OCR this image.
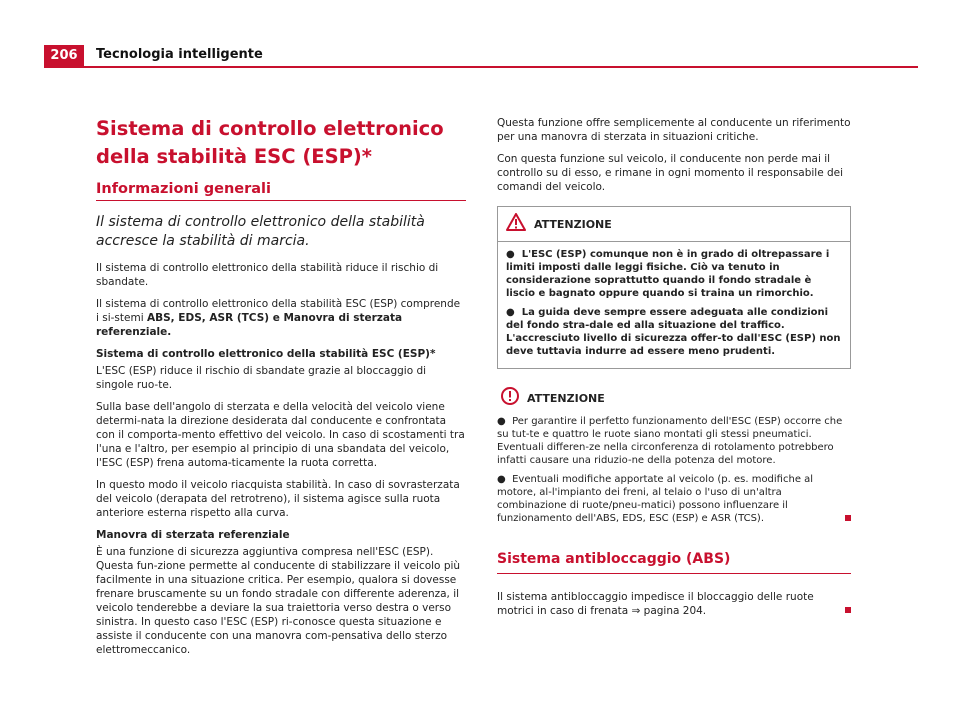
206	Tecnologia intelligente
Sistema di controllo elettronico della stabilità ESC (ESP)*
Informazioni generali
Il sistema di controllo elettronico della stabilità accresce la stabilità di marcia.

Il sistema di controllo elettronico della stabilità riduce il rischio di sbandate.

Il sistema di controllo elettronico della stabilità ESC (ESP) comprende i si-stemi ABS, EDS, ASR (TCS) e Manovra di sterzata referenziale.

Sistema di controllo elettronico della stabilità ESC (ESP)*

L'ESC (ESP) riduce il rischio di sbandate grazie al bloccaggio di singole ruo-te.

Sulla base dell'angolo di sterzata e della velocità del veicolo viene determi-nata la direzione desiderata dal conducente e confrontata con il comporta-mento effettivo del veicolo. In caso di scostamenti tra l'una e l'altro, per esempio al principio di una sbandata del veicolo, l'ESC (ESP) frena automa-ticamente la ruota corretta.

In questo modo il veicolo riacquista stabilità. In caso di sovrasterzata del veicolo (derapata del retrotreno), il sistema agisce sulla ruota anteriore esterna rispetto alla curva.

Manovra di sterzata referenziale

È una funzione di sicurezza aggiuntiva compresa nell'ESC (ESP). Questa fun-zione permette al conducente di stabilizzare il veicolo più facilmente in una situazione critica. Per esempio, qualora si dovesse frenare bruscamente su un fondo stradale con differente aderenza, il veicolo tenderebbe a deviare la sua traiettoria verso destra o verso sinistra. In questo caso l'ESC (ESP) ri-conosce questa situazione e assiste il conducente con una manovra com-pensativa dello sterzo elettromeccanico.

Questa funzione offre semplicemente al conducente un riferimento per una manovra di sterzata in situazioni critiche.

Con questa funzione sul veicolo, il conducente non perde mai il controllo su di esso, e rimane in ogni momento il responsabile dei comandi del veicolo.

ATTENZIONE

● L'ESC (ESP) comunque non è in grado di oltrepassare i limiti imposti dalle leggi fisiche. Ciò va tenuto in considerazione soprattutto quando il fondo stradale è liscio e bagnato oppure quando si traina un rimorchio.

● La guida deve sempre essere adeguata alle condizioni del fondo stra-dale ed alla situazione del traffico. L'accresciuto livello di sicurezza offer-to dall'ESC (ESP) non deve tuttavia indurre ad essere meno prudenti.

ATTENZIONE
● Per garantire il perfetto funzionamento dell'ESC (ESP) occorre che su tut-te e quattro le ruote siano montati gli stessi pneumatici. Eventuali differen-ze nella circonferenza di rotolamento potrebbero infatti causare una riduzio-ne della potenza del motore.
● Eventuali modifiche apportate al veicolo (p. es. modifiche al motore, al-l'impianto dei freni, al telaio o l'uso di un'altra combinazione di ruote/pneu-matici) possono influenzare il funzionamento dell'ABS, EDS, ESC (ESP) e ASR (TCS).
Sistema antibloccaggio (ABS)

Il sistema antibloccaggio impedisce il bloccaggio delle ruote motrici in caso di frenata ⇒ pagina 204.
